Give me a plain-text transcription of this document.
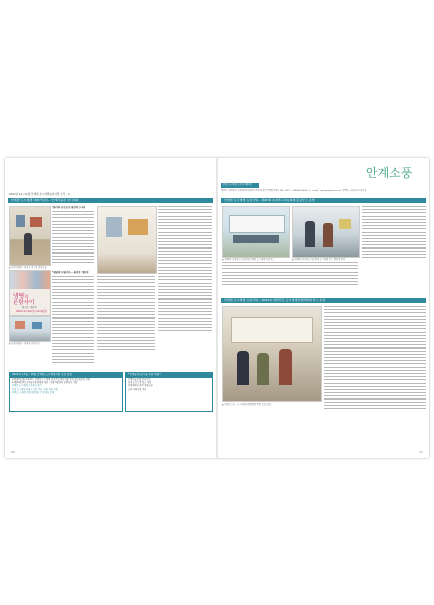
2022년 10~11월 안계면 조시개발농일사업 소식 - 3
안계면 도시재생 이화가사리... 안계작품관 전시개최
▲ 안계작품관 - 최진호 전시작 감상모습
*화가의 순수프로 화상마스니다
*냉탕과 온탕사이... 최진호 개인전
냉탕과
온탕사이
최진호 개인전
2022.11.16(수)-12.4(일)
▲ 안계작품관 - 냉탕과 온탕사이
2022년 11월 - 12월 안계면 도시재생사업 주요 일정
11월21일(월) 10:30 - 안계면 도시재생 상인가입 재단치활 지역 공동체교육 진행
11월24일(목) 안계농촌문화체험 체험 - 현장지원센터 운영상의 지원
안계면 도시재생 조성상인 참가
상권 도시재생 운영시스템 기반 - 관련 세부 지원
12월 도시재생 현장지원센터 기념 행사 진행
*안계농촌/공사옹 지원 현황*
안계미술관 활성화 사업
운영 프로그램 협조 내용
운영계획서 적정 지원사항
교육 지원사업 추진
26
안계소풍
안계 도시재생 소식지 제13호
발행처 : 안계면 도시재생현장지원센터 (경북 의성군 안계면 안계길 145, 2층) T : 054-862-9406 | F : e-mail : egregen@naver.com | 발행일 : 2022년 12월 1일
안계면 도시재생 뉴딜사업... 제15회 슈퍼푸드아농축제 홍보부스 운영
▲ 제15회 슈퍼푸드아농축제 안계면 도시재생 홍보부스	▲ 제15회 슈퍼푸드아농축제 도시재생 부스 방문객 참여
안계면 도시재생 뉴딜사업... 2022년 대한민국 도시재생산업박람회 부스 운영
▲ 이베트스코 - 도시재생산업박람회 박람 모집 현장
27
